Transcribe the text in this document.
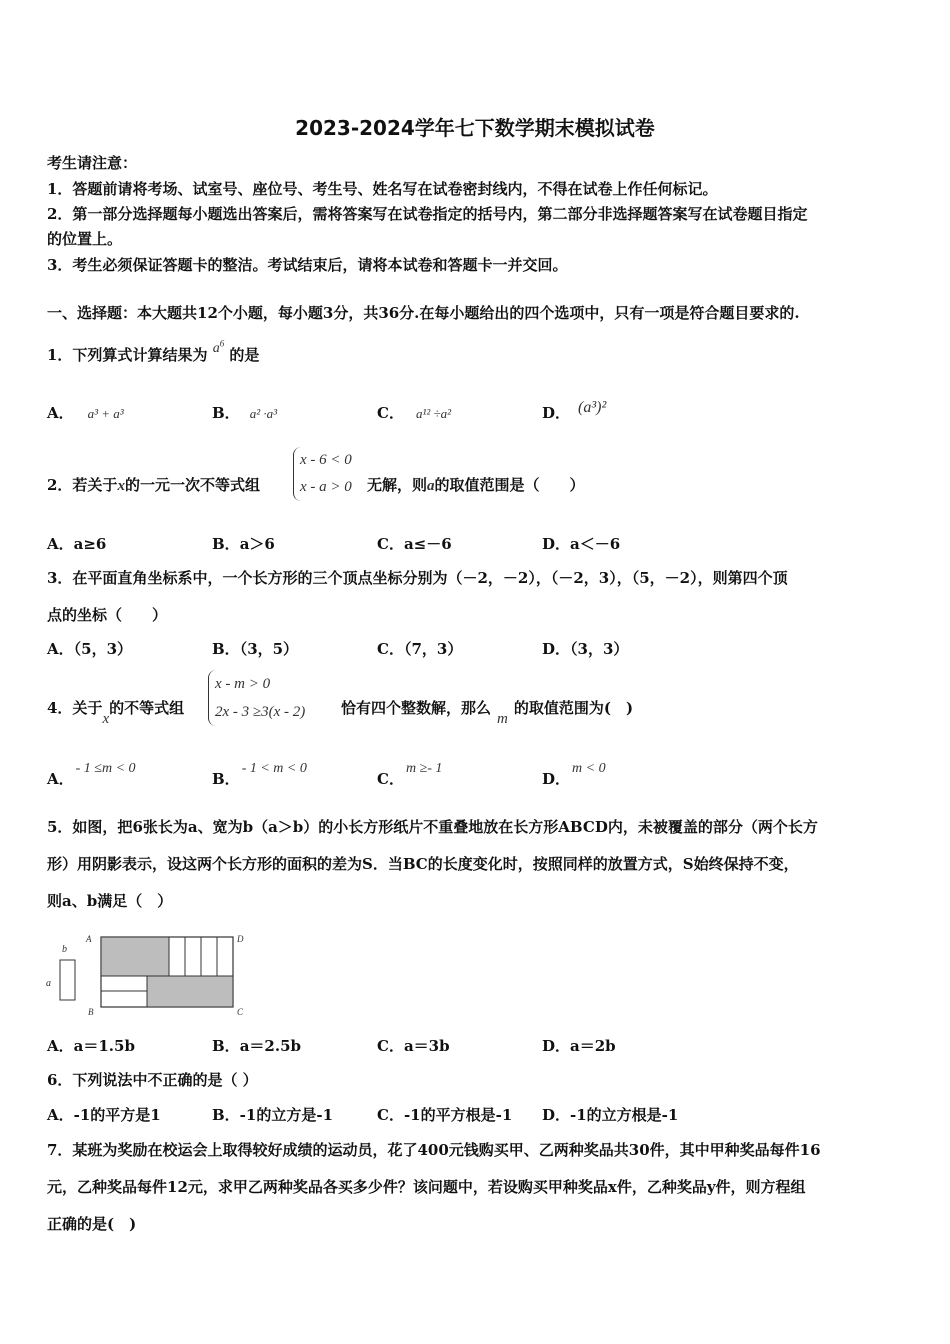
2023-2024学年七下数学期末模拟试卷
考生请注意：
1．答题前请将考场、试室号、座位号、考生号、姓名写在试卷密封线内，不得在试卷上作任何标记。
2．第一部分选择题每小题选出答案后，需将答案写在试卷指定的括号内，第二部分非选择题答案写在试卷题目指定
的位置上。
3．考生必须保证答题卡的整洁。考试结束后，请将本试卷和答题卡一并交回。
一、选择题：本大题共12个小题，每小题3分，共36分.在每小题给出的四个选项中，只有一项是符合题目要求的.
1．下列算式计算结果为 $a^6$ 的是
A． a³ + a³	B． a² ·a³	C． a¹² ÷a²	D． (a³)²
2．若关于x的一元一次不等式组
x - 6 < 0
x - a > 0 无解，则a的取值范围是（　　）
A．a≥6	B．a＞6	C．a≤－6	D．a＜－6
3．在平面直角坐标系中，一个长方形的三个顶点坐标分别为（－2，－2），（－2，3），（5，－2），则第四个顶
点的坐标（　　）
A．（5，3）	B．（3，5）	C．（7，3）	D．（3，3）
4．关于x的不等式组
x - m > 0
2x - 3 ≥3(x - 2) 恰有四个整数解，那么m的取值范围为(　)
A．- 1 ≤m < 0
B．- 1 < m < 0
C．m ≥- 1
D．m < 0
5．如图，把6张长为a、宽为b（a＞b）的小长方形纸片不重叠地放在长方形ABCD内，未被覆盖的部分（两个长方
形）用阴影表示，设这两个长方形的面积的差为S．当BC的长度变化时，按照同样的放置方式，S始终保持不变，
则a、b满足（　）
b
a
A	D
B	C
A．a＝1.5b	B．a＝2.5b	C．a＝3b	D．a＝2b
6．下列说法中不正确的是（ ）
A．-1的平方是1	B．-1的立方是-1	C．-1的平方根是-1 D．-1的立方根是-1
7．某班为奖励在校运会上取得较好成绩的运动员，花了400元钱购买甲、乙两种奖品共30件，其中甲种奖品每件16
元，乙种奖品每件12元，求甲乙两种奖品各买多少件？该问题中，若设购买甲种奖品x件，乙种奖品y件，则方程组
正确的是(　)
